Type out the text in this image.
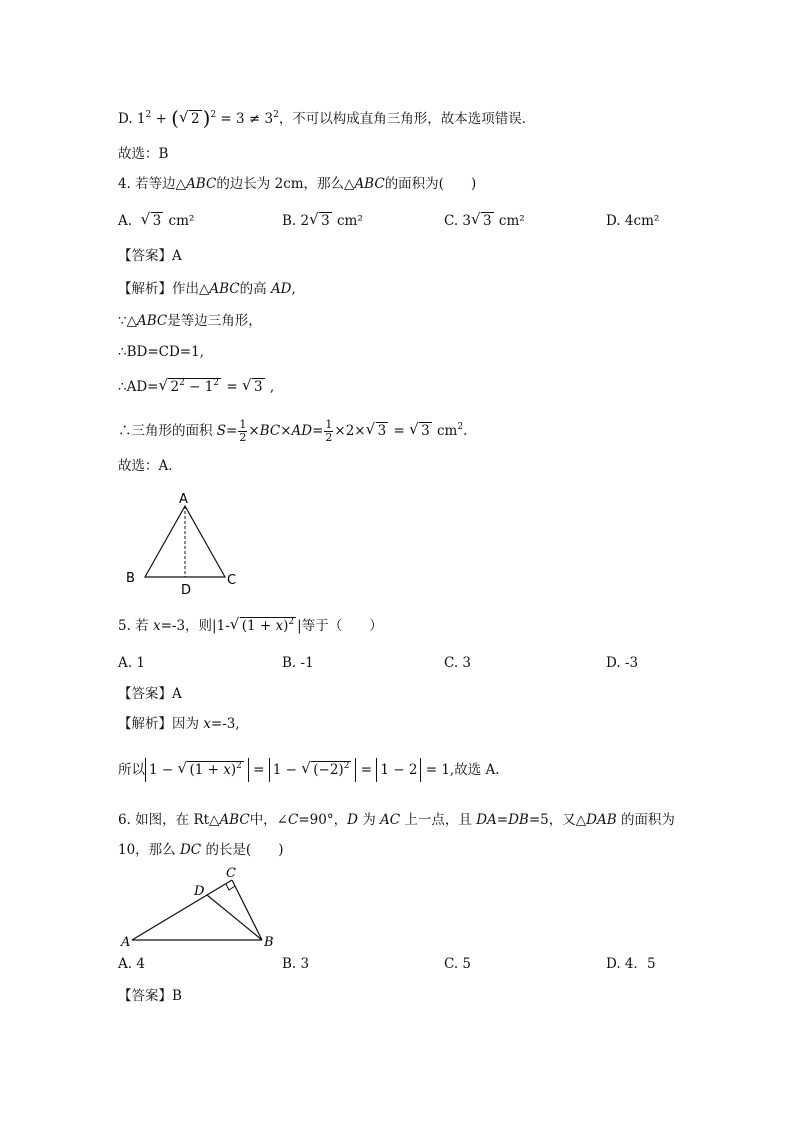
D. $1^2$ + (√ 2 )$^2 = 3 \ne 3^2$，不可以构成直角三角形，故本选项错误．
故选：B
4. 若等边△ABC的边长为 2cm，那么△ABC的面积为(　　)
A.  √ 3 cm²	B. 2√ 3 cm²	C. 3√ 3 cm²	D. 4cm²
【答案】A
【解析】作出△ABC的高 AD,
∵△ABC是等边三角形，
∴BD=CD=1,
∴AD=√ $2^2 - 1^2$ = √ 3 ,
∴三角形的面积 $S= \frac{1}{2} \times BC\times AD= \frac{1}{2} \times 2\times√$ 3 = √ 3 $cm^2$.
故选：A．
A
B	C
D
5. 若 x=-3，则|1-√ $(1 + x)^2$ |等于（　　）
A. 1	B. -1	C. 3	D. -3
【答案】A
【解析】因为 x=-3,
所以 1 − √ $(1 + x)^2 = 1$ − √ $(-2)^2 = 1 - 2 = 1$,故选 A.
6. 如图，在 Rt△ABC中，∠C=90°，D 为 AC 上一点，且 DA=DB=5，又△DAB 的面积为
10，那么 DC 的长是(　　)
A	B
C
D
A. 4	B. 3	C. 5	D. 4．5
【答案】B
